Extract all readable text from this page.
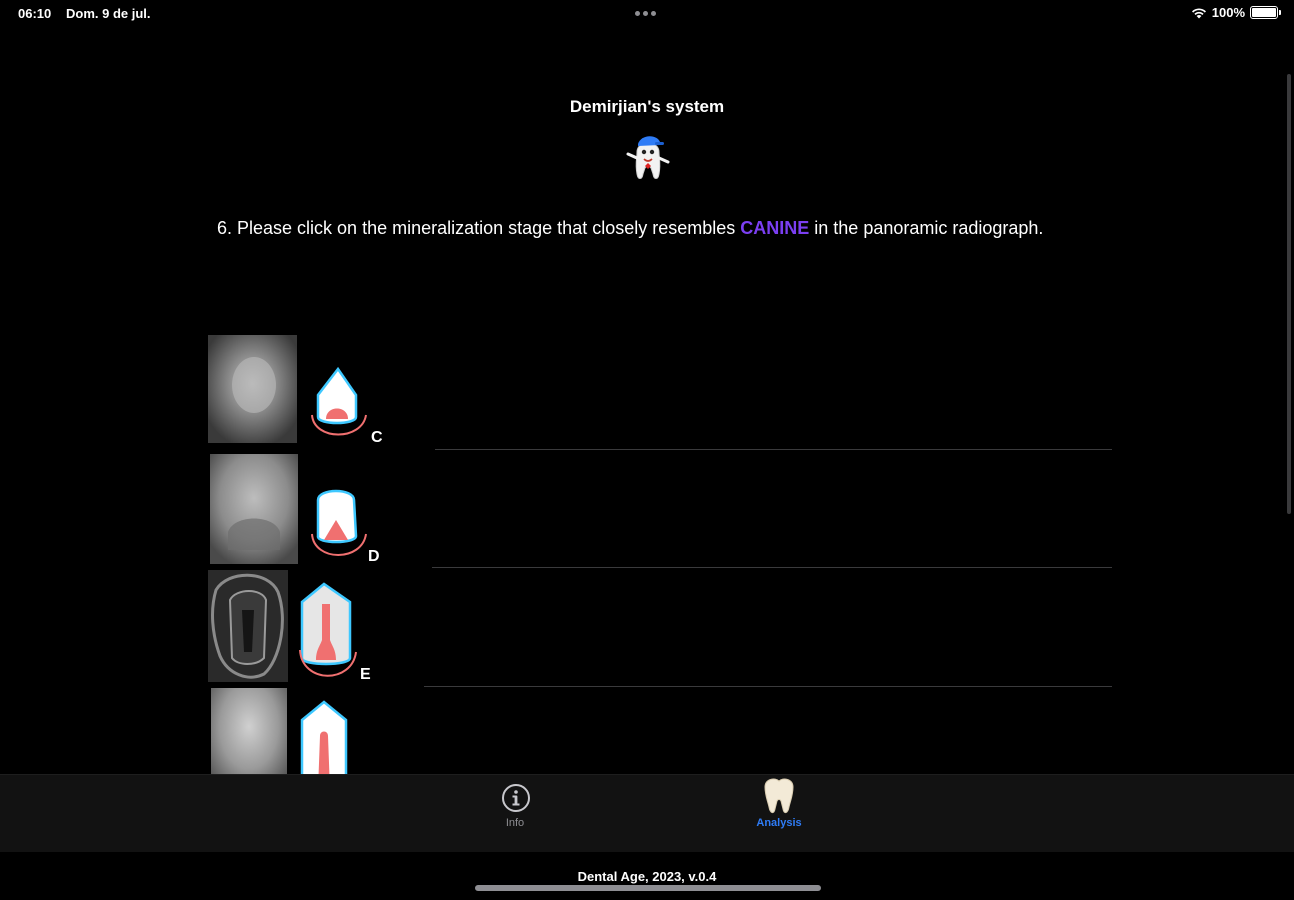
06:10 Dom. 9 de jul.	100%
Demirjian's system

6. Please click on the mineralization stage that closely resembles CANINE in the panoramic radiograph.

C
D
E
Info	Analysis
Dental Age, 2023, v.0.4
